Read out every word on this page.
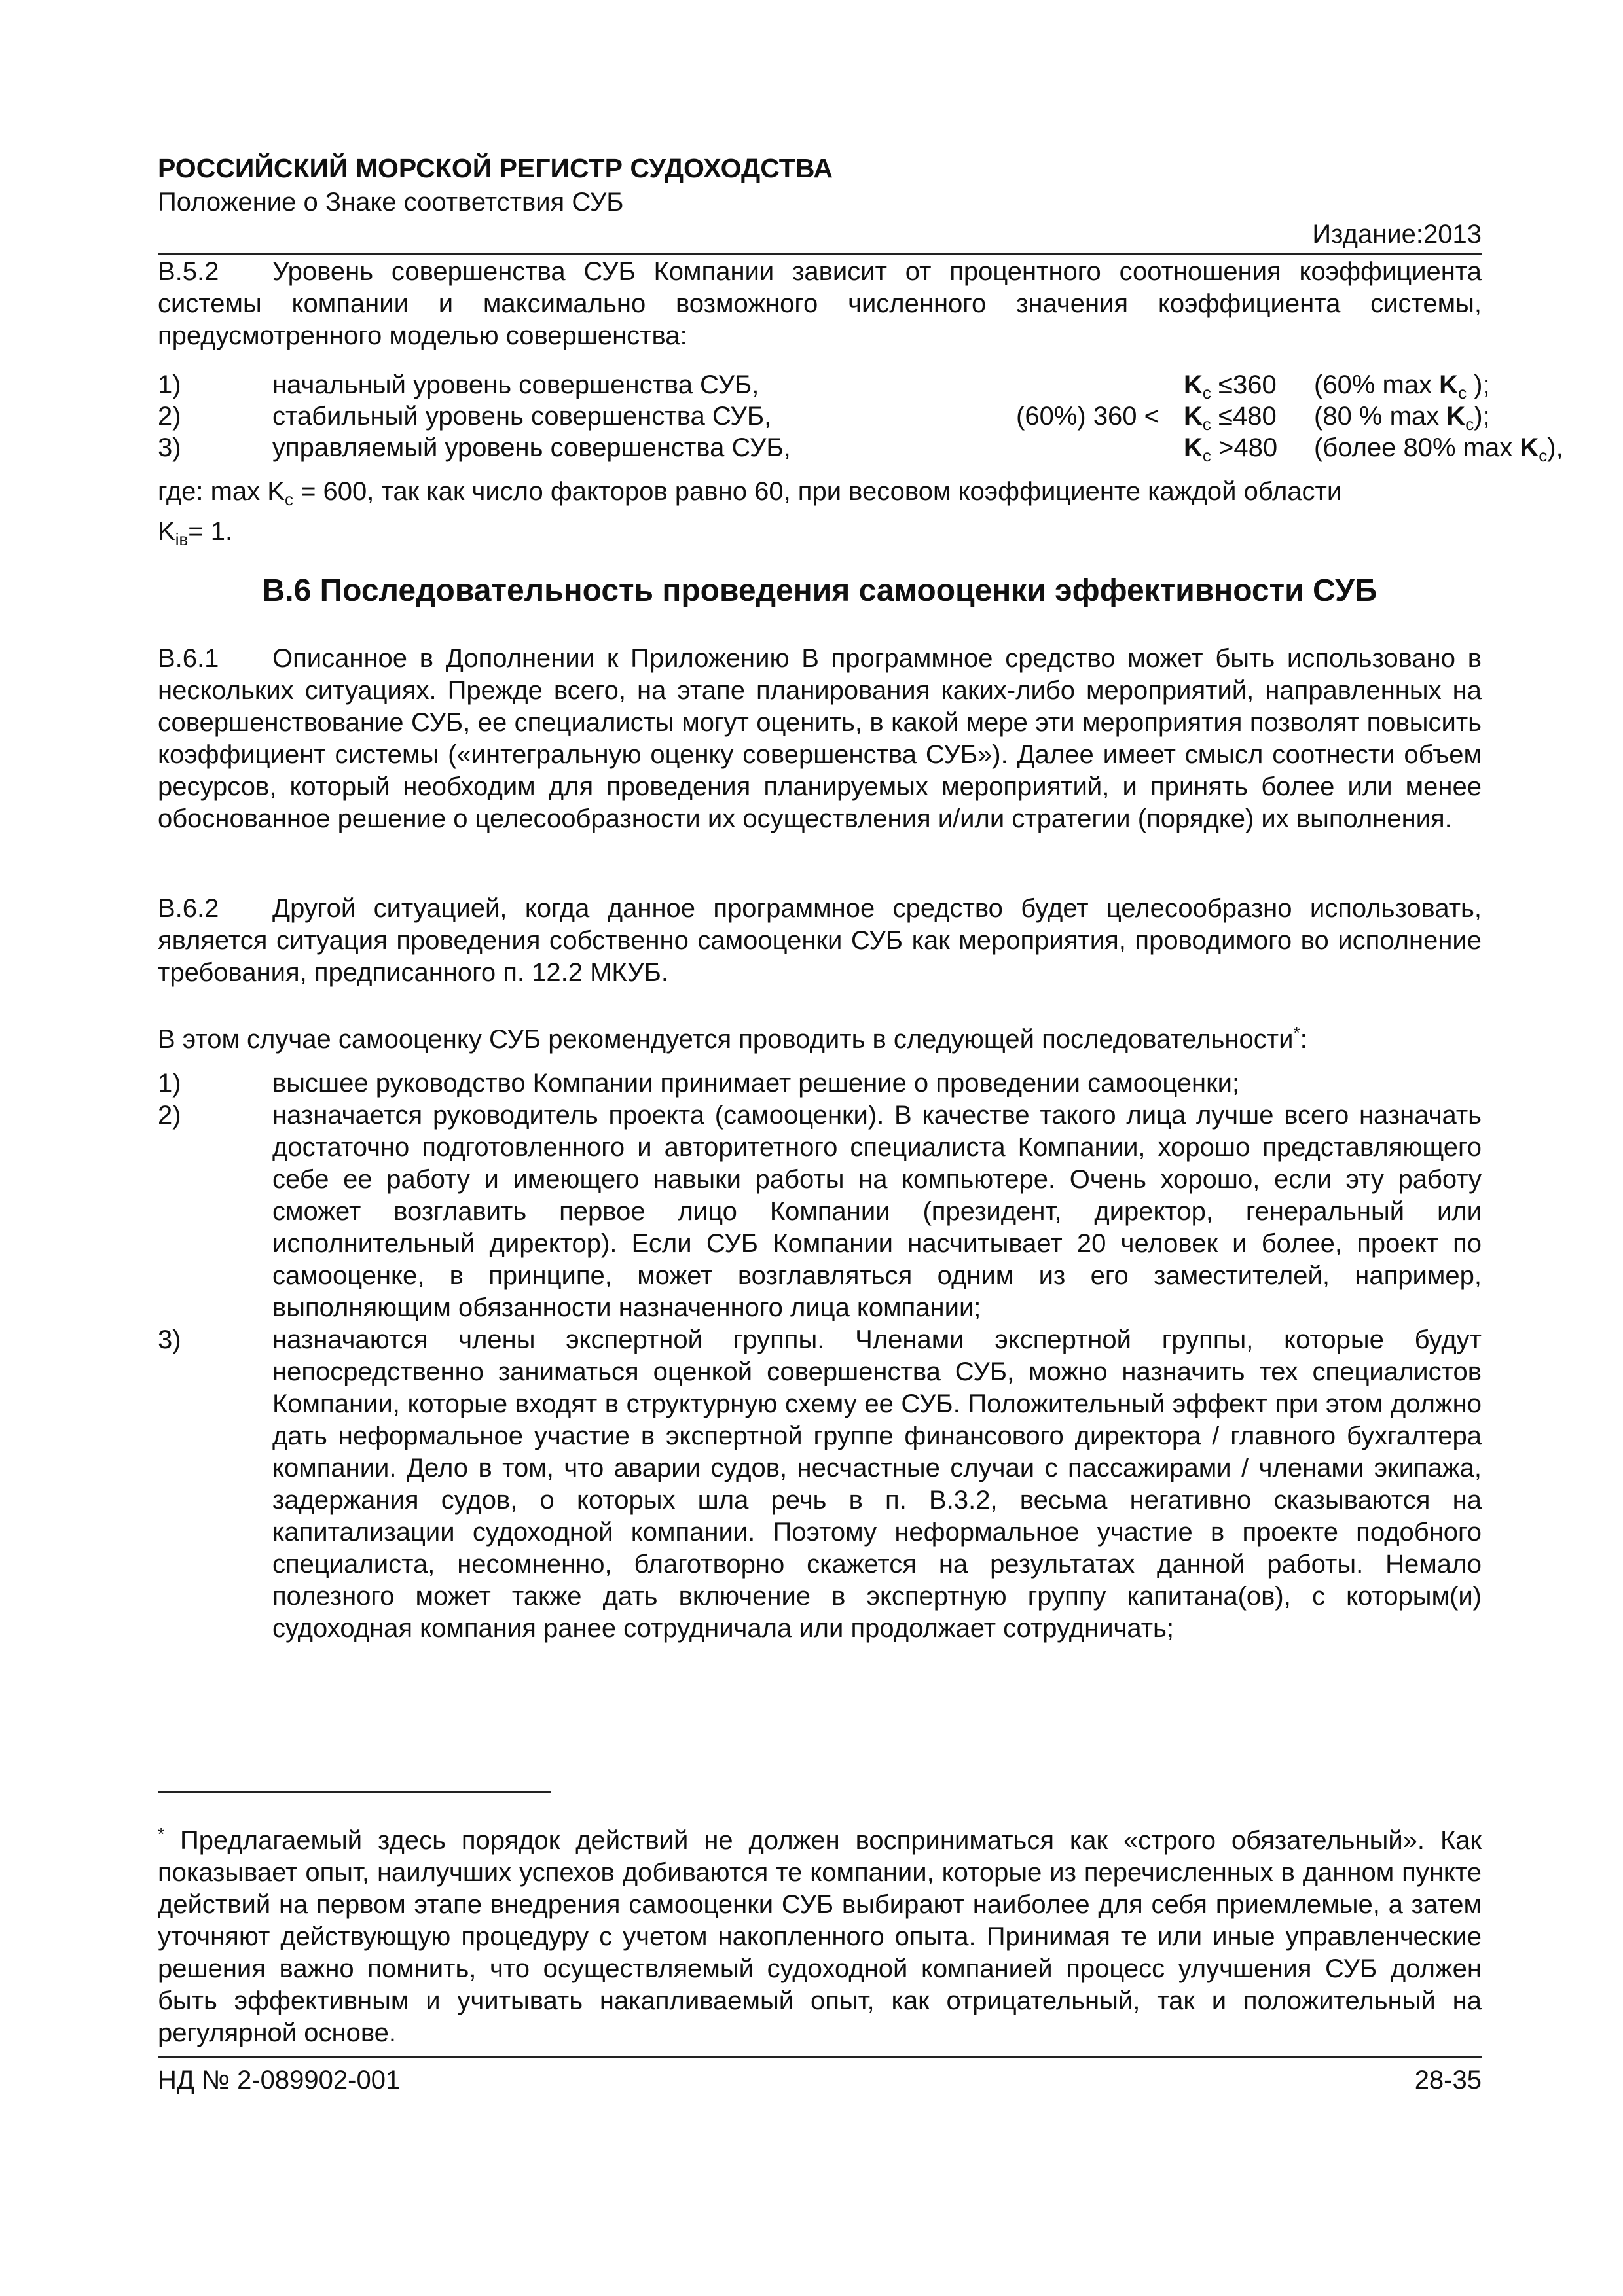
РОССИЙСКИЙ МОРСКОЙ РЕГИСТР СУДОХОДСТВА
Положение о Знаке соответствия СУБ
Издание:2013
В.5.2 Уровень совершенства СУБ Компании зависит от процентного соотношения коэффициента системы компании и максимально возможного численного значения коэффициента системы, предусмотренного моделью совершенства:
1)	начальный уровень совершенства СУБ,	$K_c \le 360$ (60% $\max K_c$ );
2)	стабильный уровень совершенства СУБ,	(60%) $360 < K_c \le 480$ (80 % $\max K_c$);
3)	управляемый уровень совершенства СУБ,	$K_c >480$ (более 80% $\max K_c$),
где: $\max K_c = 600$, так как число факторов равно 60, при весовом коэффициенте каждой области
$K_{iв}= 1$.
В.6 Последовательность проведения самооценки эффективности СУБ
В.6.1 Описанное в Дополнении к Приложению В программное средство может быть использовано в нескольких ситуациях. Прежде всего, на этапе планирования каких-либо мероприятий, направленных на совершенствование СУБ, ее специалисты могут оценить, в какой мере эти мероприятия позволят повысить коэффициент системы («интегральную оценку совершенства СУБ»). Далее имеет смысл соотнести объем ресурсов, который необходим для проведения планируемых мероприятий, и принять более или менее обоснованное решение о целесообразности их осуществления и/или стратегии (порядке) их выполнения.
В.6.2 Другой ситуацией, когда данное программное средство будет целесообразно использовать, является ситуация проведения собственно самооценки СУБ как мероприятия, проводимого во исполнение требования, предписанного п. 12.2 МКУБ.
В этом случае самооценку СУБ рекомендуется проводить в следующей последовательности*:
1)	высшее руководство Компании принимает решение о проведении самооценки;
2)	назначается руководитель проекта (самооценки). В качестве такого лица лучше всего назначать достаточно подготовленного и авторитетного специалиста Компании, хорошо представляющего себе ее работу и имеющего навыки работы на компьютере. Очень хорошо, если эту работу сможет возглавить первое лицо Компании (президент, директор, генеральный или исполнительный директор). Если СУБ Компании насчитывает 20 человек и более, проект по самооценке, в принципе, может возглавляться одним из его заместителей, например, выполняющим обязанности назначенного лица компании;
3)	назначаются члены экспертной группы. Членами экспертной группы, которые будут непосредственно заниматься оценкой совершенства СУБ, можно назначить тех специалистов Компании, которые входят в структурную схему ее СУБ. Положительный эффект при этом должно дать неформальное участие в экспертной группе финансового директора / главного бухгалтера компании. Дело в том, что аварии судов, несчастные случаи с пассажирами / членами экипажа, задержания судов, о которых шла речь в п. В.3.2, весьма негативно сказываются на капитализации судоходной компании. Поэтому неформальное участие в проекте подобного специалиста, несомненно, благотворно скажется на результатах данной работы. Немало полезного может также дать включение в экспертную группу капитана(ов), с которым(и) судоходная компания ранее сотрудничала или продолжает сотрудничать;
* Предлагаемый здесь порядок действий не должен восприниматься как «строго обязательный». Как показывает опыт, наилучших успехов добиваются те компании, которые из перечисленных в данном пункте действий на первом этапе внедрения самооценки СУБ выбирают наиболее для себя приемлемые, а затем уточняют действующую процедуру с учетом накопленного опыта. Принимая те или иные управленческие решения важно помнить, что осуществляемый судоходной компанией процесс улучшения СУБ должен быть эффективным и учитывать накапливаемый опыт, как отрицательный, так и положительный на регулярной основе.
НД № 2-089902-001	28-35
